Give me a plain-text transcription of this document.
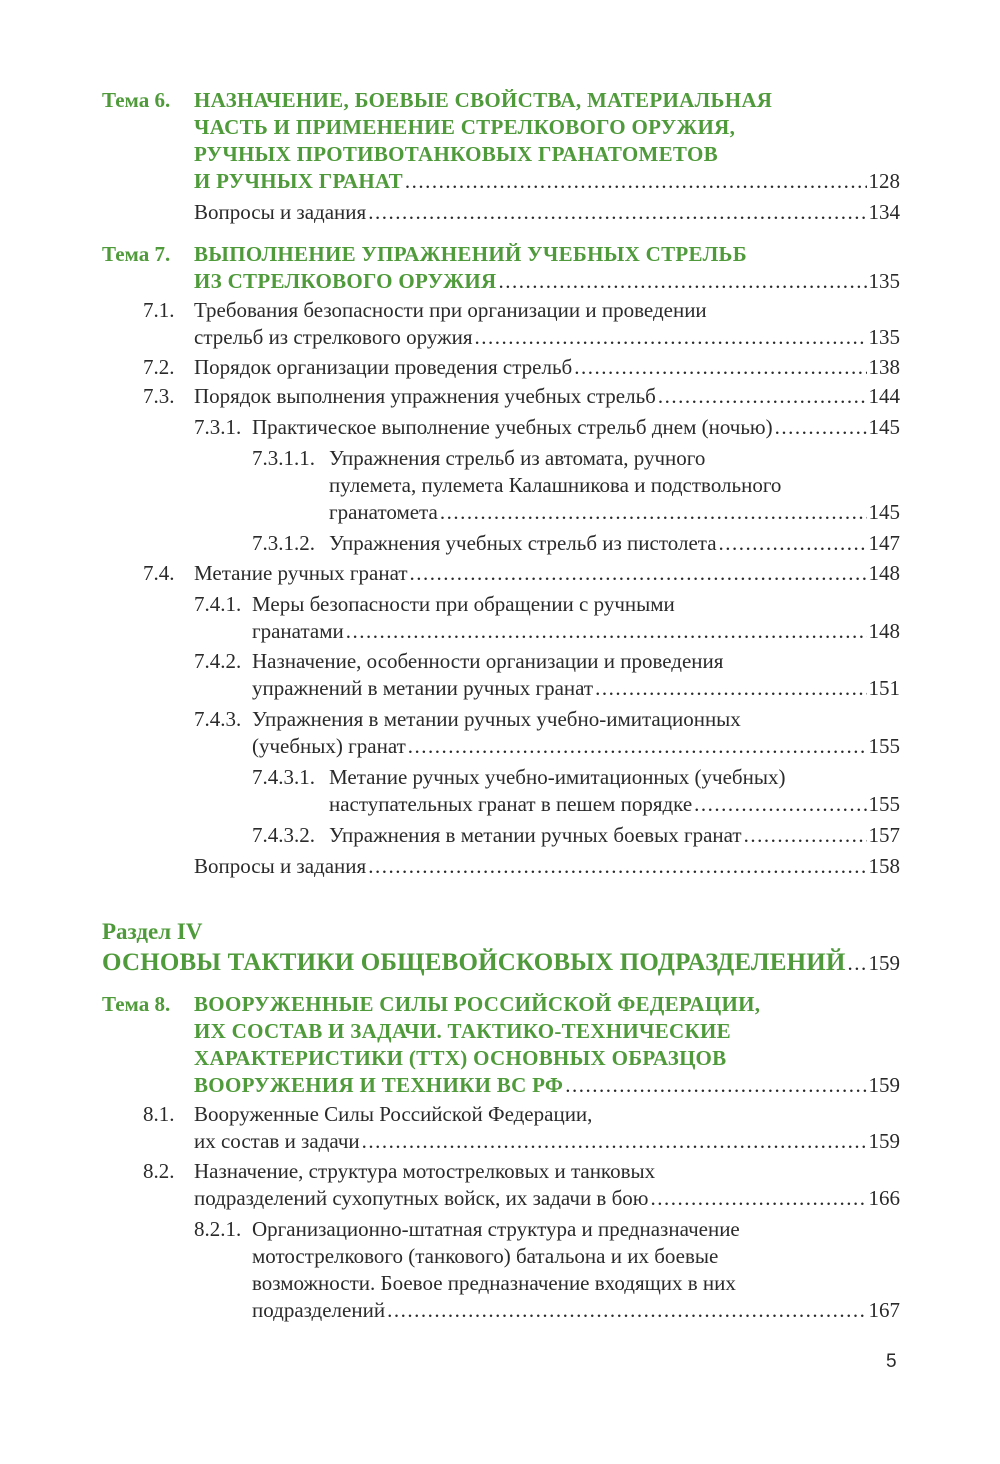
Тема 6. НАЗНАЧЕНИЕ, БОЕВЫЕ СВОЙСТВА, МАТЕРИАЛЬНАЯ
ЧАСТЬ И ПРИМЕНЕНИЕ СТРЕЛКОВОГО ОРУЖИЯ,
РУЧНЫХ ПРОТИВОТАНКОВЫХ ГРАНАТОМЕТОВ
И РУЧНЫХ ГРАНАТ .....	128
Вопросы и задания .....	134
Тема 7. ВЫПОЛНЕНИЕ УПРАЖНЕНИЙ УЧЕБНЫХ СТРЕЛЬБ
ИЗ СТРЕЛКОВОГО ОРУЖИЯ .....	135
7.1. Требования безопасности при организации и проведении
стрельб из стрелкового оружия .....	135
7.2. Порядок организации проведения стрельб .....	138
7.3. Порядок выполнения упражнения учебных стрельб .....	144
7.3.1. Практическое выполнение учебных стрельб днем (ночью) .....	145
7.3.1.1. Упражнения стрельб из автомата, ручного
пулемета, пулемета Калашникова и подствольного
гранатомета .....	145
7.3.1.2. Упражнения учебных стрельб из пистолета .....	147
7.4. Метание ручных гранат .....	148
7.4.1. Меры безопасности при обращении с ручными
гранатами .....	148
7.4.2. Назначение, особенности организации и проведения
упражнений в метании ручных гранат .....	151
7.4.3. Упражнения в метании ручных учебно-имитационных
(учебных) гранат .....	155
7.4.3.1. Метание ручных учебно-имитационных (учебных)
наступательных гранат в пешем порядке .....	155
7.4.3.2. Упражнения в метании ручных боевых гранат .....	157
Вопросы и задания .....	158
Раздел IV
ОСНОВЫ ТАКТИКИ ОБЩЕВОЙСКОВЫХ ПОДРАЗДЕЛЕНИЙ ..... 159
Тема 8. ВООРУЖЕННЫЕ СИЛЫ РОССИЙСКОЙ ФЕДЕРАЦИИ,
ИХ СОСТАВ И ЗАДАЧИ. ТАКТИКО-ТЕХНИЧЕСКИЕ
ХАРАКТЕРИСТИКИ (ТТХ) ОСНОВНЫХ ОБРАЗЦОВ
ВООРУЖЕНИЯ И ТЕХНИКИ ВС РФ .....	159
8.1. Вооруженные Силы Российской Федерации,
их состав и задачи .....	159
8.2. Назначение, структура мотострелковых и танковых
подразделений сухопутных войск, их задачи в бою .....	166
8.2.1. Организационно-штатная структура и предназначение
мотострелкового (танкового) батальона и их боевые
возможности. Боевое предназначение входящих в них
подразделений .....	167
5
